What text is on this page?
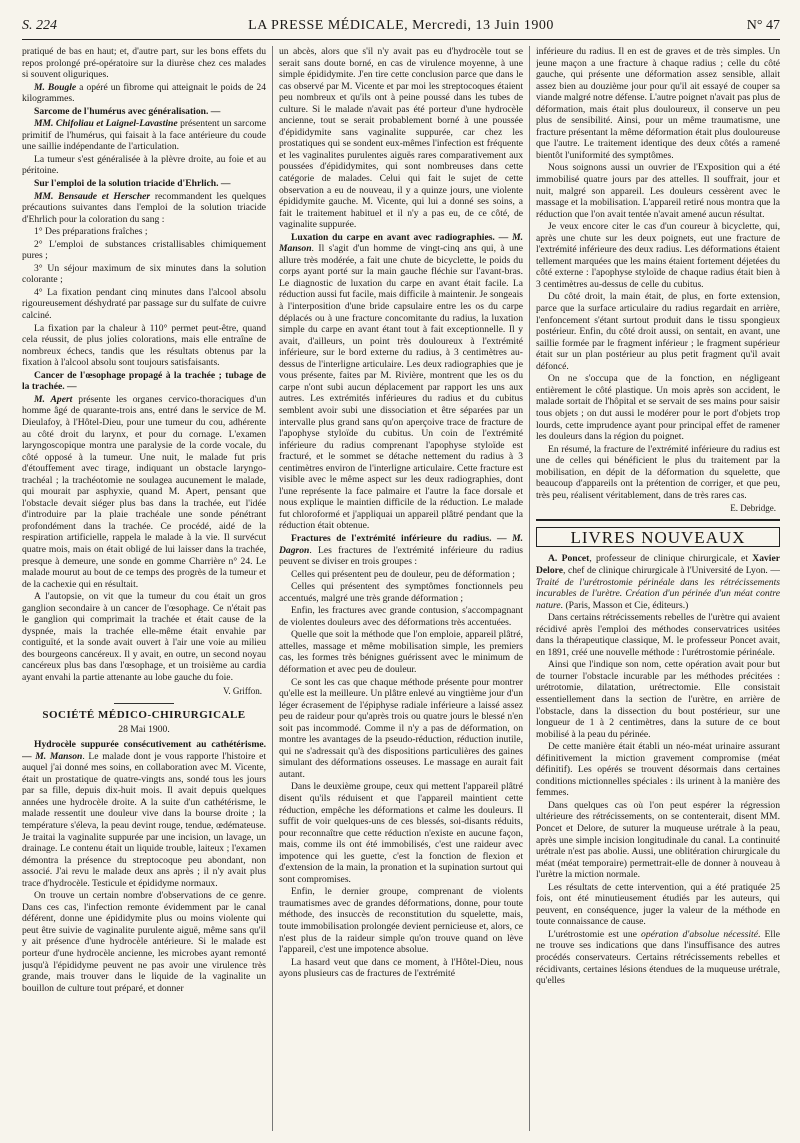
S. 224	LA PRESSE MÉDICALE, Mercredi, 13 Juin 1900	N° 47

pratiqué de bas en haut; et, d'autre part, sur les bons effets du repos prolongé pré-opératoire sur la diurèse chez ces malades si souvent oliguriques.

M. Bougle a opéré un fibrome qui atteignait le poids de 24 kilogrammes.

Sarcome de l'humérus avec généralisation. —

MM. Chifoliau et Laignel-Lavastine présentent un sarcome primitif de l'humérus, qui faisait à la face antérieure du coude une saillie indépendante de l'articulation.

La tumeur s'est généralisée à la plèvre droite, au foie et au péritoine.

Sur l'emploi de la solution triacide d'Ehrlich. —

MM. Bensaude et Herscher recommandent les quelques précautions suivantes dans l'emploi de la solution triacide d'Ehrlich pour la coloration du sang :

1° Des préparations fraîches ;

2° L'emploi de substances cristallisables chimiquement pures ;

3° Un séjour maximum de six minutes dans la solution colorante ;

4° La fixation pendant cinq minutes dans l'alcool absolu rigoureusement déshydraté par passage sur du sulfate de cuivre calciné.

La fixation par la chaleur à 110° permet peut-être, quand cela réussit, de plus jolies colorations, mais elle entraîne de nombreux échecs, tandis que les résultats obtenus par la fixation à l'alcool absolu sont toujours satisfaisants.

Cancer de l'œsophage propagé à la trachée ; tubage de la trachée. —

M. Apert présente les organes cervico-thoraciques d'un homme âgé de quarante-trois ans, entré dans le service de M. Dieulafoy, à l'Hôtel-Dieu, pour une tumeur du cou, adhérente au côté droit du larynx, et pour du cornage. L'examen laryngoscopique montra une paralysie de la corde vocale, du côté opposé à la tumeur. Une nuit, le malade fut pris d'étouffement avec tirage, indiquant un obstacle laryngo-trachéal ; la trachéotomie ne soulagea aucunement le malade, qui mourait par asphyxie, quand M. Apert, pensant que l'obstacle devait siéger plus bas dans la trachée, eut l'idée d'introduire par la plaie trachéale une sonde pénétrant profondément dans la trachée. Ce procédé, aidé de la respiration artificielle, rappela le malade à la vie. Il survécut quatre mois, mais on était obligé de lui laisser dans la trachée, presque à demeure, une sonde en gomme Charrière n° 24. Le malade mourut au bout de ce temps des progrès de la tumeur et de la cachexie qui en résultait.

A l'autopsie, on vit que la tumeur du cou était un gros ganglion secondaire à un cancer de l'œsophage. Ce n'était pas le ganglion qui comprimait la trachée et était cause de la dyspnée, mais la trachée elle-même était envahie par contiguïté, et la sonde avait ouvert à l'air une voie au milieu des bourgeons cancéreux. Il y avait, en outre, un second noyau cancéreux plus bas dans l'œsophage, et un troisième au cardia ayant envahi la partie attenante au lobe gauche du foie.

V. Griffon.
SOCIÉTÉ MÉDICO-CHIRURGICALE
28 Mai 1900.

Hydrocèle suppurée consécutivement au cathétérisme. — M. Manson. Le malade dont je vous rapporte l'histoire et auquel j'ai donné mes soins, en collaboration avec M. Vicente, était un prostatique de quatre-vingts ans, sondé tous les jours par sa fille, depuis dix-huit mois. Il avait depuis quelques années une hydrocèle droite. A la suite d'un cathétérisme, le malade ressentit une douleur vive dans la bourse droite ; la température s'éleva, la peau devint rouge, tendue, œdémateuse. Je traitai la vaginalite suppurée par une incision, un lavage, un drainage. Le contenu était un liquide trouble, laiteux ; l'examen démontra la présence du streptocoque peu abondant, non associé. J'ai revu le malade deux ans après ; il n'y avait plus trace d'hydrocèle. Testicule et épididyme normaux.

On trouve un certain nombre d'observations de ce genre. Dans ces cas, l'infection remonte évidemment par le canal déférent, donne une épididymite plus ou moins violente qui peut être suivie de vaginalite purulente aiguë, même sans qu'il y ait présence d'une hydrocèle antérieure. Si le malade est porteur d'une hydrocèle ancienne, les microbes ayant remonté jusqu'à l'épididyme peuvent ne pas avoir une virulence très grande, mais trouver dans le liquide de la vaginalite un bouillon de culture tout préparé, et donner

un abcès, alors que s'il n'y avait pas eu d'hydrocèle tout se serait sans doute borné, en cas de virulence moyenne, à une simple épididymite. J'en tire cette conclusion parce que dans le cas observé par M. Vicente et par moi les streptocoques étaient peu nombreux et qu'ils ont à peine poussé dans les tubes de culture. Si le malade n'avait pas été porteur d'une hydrocèle ancienne, tout se serait probablement borné à une poussée d'épididymite sans vaginalite suppurée, car chez les prostatiques qui se sondent eux-mêmes l'infection est fréquente et les vaginalites purulentes aiguës rares comparativement aux poussées d'épididymites, qui sont nombreuses dans cette catégorie de malades. Celui qui fait le sujet de cette observation a eu de nouveau, il y a quinze jours, une violente épididymite gauche. M. Vicente, qui lui a donné ses soins, a fait le traitement habituel et il n'y a pas eu, de ce côté, de vaginalite suppurée.

Luxation du carpe en avant avec radiographies. — M. Manson. Il s'agit d'un homme de vingt-cinq ans qui, à une allure très modérée, a fait une chute de bicyclette, le poids du corps ayant porté sur la main gauche fléchie sur l'avant-bras. Le diagnostic de luxation du carpe en avant était facile. La réduction aussi fut facile, mais difficile à maintenir. Je songeais à l'interposition d'une bride capsulaire entre les os du carpe déplacés ou à une fracture concomitante du radius, la luxation simple du carpe en avant étant tout à fait exceptionnelle. Il y avait, d'ailleurs, un point très douloureux à l'extrémité inférieure, sur le bord externe du radius, à 3 centimètres au-dessus de l'interligne articulaire. Les deux radiographies que je vous présente, faites par M. Rivière, montrent que les os du carpe n'ont subi aucun déplacement par rapport les uns aux autres. Les extrémités inférieures du radius et du cubitus semblent avoir subi une dissociation et être séparées par un intervalle plus grand sans qu'on aperçoive trace de fracture de l'apophyse styloïde du cubitus. Un coin de l'extrémité inférieure du radius comprenant l'apophyse styloïde est fracturé, et le sommet se détache nettement du radius à 3 centimètres environ de l'interligne articulaire. Cette fracture est visible avec le même aspect sur les deux radiographies, dont l'une représente la face palmaire et l'autre la face dorsale et nous explique le maintien difficile de la réduction. Le malade fut chloroformé et j'appliquai un appareil plâtré pendant que la réduction était obtenue.

Fractures de l'extrémité inférieure du radius. — M. Dagron. Les fractures de l'extrémité inférieure du radius peuvent se diviser en trois groupes :

Celles qui présentent peu de douleur, peu de déformation ;

Celles qui présentent des symptômes fonctionnels peu accentués, malgré une très grande déformation ;

Enfin, les fractures avec grande contusion, s'accompagnant de violentes douleurs avec des déformations très accentuées.

Quelle que soit la méthode que l'on emploie, appareil plâtré, attelles, massage et même mobilisation simple, les premiers cas, les formes très bénignes guérissent avec le minimum de déformation et avec peu de douleur.

Ce sont les cas que chaque méthode présente pour montrer qu'elle est la meilleure. Un plâtre enlevé au vingtième jour d'un léger écrasement de l'épiphyse radiale inférieure a laissé assez peu de raideur pour qu'après trois ou quatre jours le blessé n'en soit pas incommodé. Comme il n'y a pas de déformation, on montre les avantages de la pseudo-réduction, réduction inutile, qui ne s'adressait qu'à des dispositions particulières des gaines simulant des déformations osseuses. Le massage en aurait fait autant.

Dans le deuxième groupe, ceux qui mettent l'appareil plâtré disent qu'ils réduisent et que l'appareil maintient cette réduction, empêche les déformations et calme les douleurs. Il suffit de voir quelques-uns de ces blessés, soi-disants réduits, pour reconnaître que cette réduction n'existe en aucune façon, mais, comme ils ont été immobilisés, c'est une raideur avec impotence qui les guette, c'est la fonction de flexion et d'extension de la main, la pronation et la supination surtout qui sont compromises.

Enfin, le dernier groupe, comprenant de violents traumatismes avec de grandes déformations, donne, pour toute méthode, des insuccès de reconstitution du squelette, mais, toute immobilisation prolongée devient pernicieuse et, alors, ce n'est plus de la raideur simple qu'on trouve quand on lève l'appareil, c'est une impotence absolue.

La hasard veut que dans ce moment, à l'Hôtel-Dieu, nous ayons plusieurs cas de fractures de l'extrémité

inférieure du radius. Il en est de graves et de très simples. Un jeune maçon a une fracture à chaque radius ; celle du côté gauche, qui présente une déformation assez sensible, allait assez bien au douzième jour pour qu'il ait essayé de couper sa viande malgré notre défense. L'autre poignet n'avait pas plus de déformation, mais était plus douloureux, il conserve un peu plus de sensibilité. Ainsi, pour un même traumatisme, une fracture présentant la même déformation était plus douloureuse que l'autre. Le traitement identique des deux côtés a ramené bientôt l'uniformité des symptômes.

Nous soignons aussi un ouvrier de l'Exposition qui a été immobilisé quatre jours par des attelles. Il souffrait, jour et nuit, malgré son appareil. Les douleurs cessèrent avec le massage et la mobilisation. L'appareil retiré nous montra que la réduction que l'on avait tentée n'avait amené aucun résultat.

Je veux encore citer le cas d'un coureur à bicyclette, qui, après une chute sur les deux poignets, eut une fracture de l'extrémité inférieure des deux radius. Les déformations étaient tellement marquées que les mains étaient fortement déjetées du côté externe : l'apophyse styloïde de chaque radius était bien à 3 centimètres au-dessus de celle du cubitus.

Du côté droit, la main était, de plus, en forte extension, parce que la surface articulaire du radius regardait en arrière, l'enfoncement s'étant surtout produit dans le tissu spongieux postérieur. Enfin, du côté droit aussi, on sentait, en avant, une saillie formée par le fragment inférieur ; le fragment supérieur était sur un plan postérieur au plus petit fragment qu'il avait défoncé.

On ne s'occupa que de la fonction, en négligeant entièrement le côté plastique. Un mois après son accident, le malade sortait de l'hôpital et se servait de ses mains pour saisir tous objets ; on dut aussi le modérer pour le port d'objets trop lourds, cette imprudence ayant pour principal effet de ramener les douleurs dans la région du poignet.

En résumé, la fracture de l'extrémité inférieure du radius est une de celles qui bénéficient le plus du traitement par la mobilisation, en dépit de la déformation du squelette, que beaucoup d'appareils ont la prétention de corriger, et que peu, très peu, réalisent véritablement, dans de très rares cas.

E. Debridge.
LIVRES NOUVEAUX

A. Poncet, professeur de clinique chirurgicale, et Xavier Delore, chef de clinique chirurgicale à l'Université de Lyon. — Traité de l'urétrostomie périnéale dans les rétrécissements incurables de l'urètre. Création d'un périnée d'un méat contre nature. (Paris, Masson et Cie, éditeurs.)

Dans certains rétrécissements rebelles de l'urètre qui avaient récidivé après l'emploi des méthodes conservatrices usitées dans la thérapeutique classique, M. le professeur Poncet avait, en 1891, créé une nouvelle méthode : l'urétrostomie périnéale.

Ainsi que l'indique son nom, cette opération avait pour but de tourner l'obstacle incurable par les méthodes précitées : urétrotomie, dilatation, urétrectomie. Elle consistait essentiellement dans la section de l'urètre, en arrière de l'obstacle, dans la dissection du bout postérieur, sur une longueur de 1 à 2 centimètres, dans la suture de ce bout mobilisé à la peau du périnée.

De cette manière était établi un néo-méat urinaire assurant définitivement la miction gravement compromise (méat définitif). Les opérés se trouvent désormais dans certaines conditions mictionnelles spéciales : ils urinent à la manière des femmes.

Dans quelques cas où l'on peut espérer la régression ultérieure des rétrécissements, on se contenterait, disent MM. Poncet et Delore, de suturer la muqueuse urétrale à la peau, après une simple incision longitudinale du canal. La continuité urétrale n'est pas abolie. Aussi, une oblitération chirurgicale du méat (méat temporaire) permettrait-elle de donner à nouveau à l'urètre la miction normale.

Les résultats de cette intervention, qui a été pratiquée 25 fois, ont été minutieusement étudiés par les auteurs, qui peuvent, en conséquence, juger la valeur de la méthode en toute connaissance de cause.

L'urétrostomie est une opération d'absolue nécessité. Elle ne trouve ses indications que dans l'insuffisance des autres procédés conservateurs. Certains rétrécissements rebelles et récidivants, certaines lésions étendues de la muqueuse urétrale, qu'elles
